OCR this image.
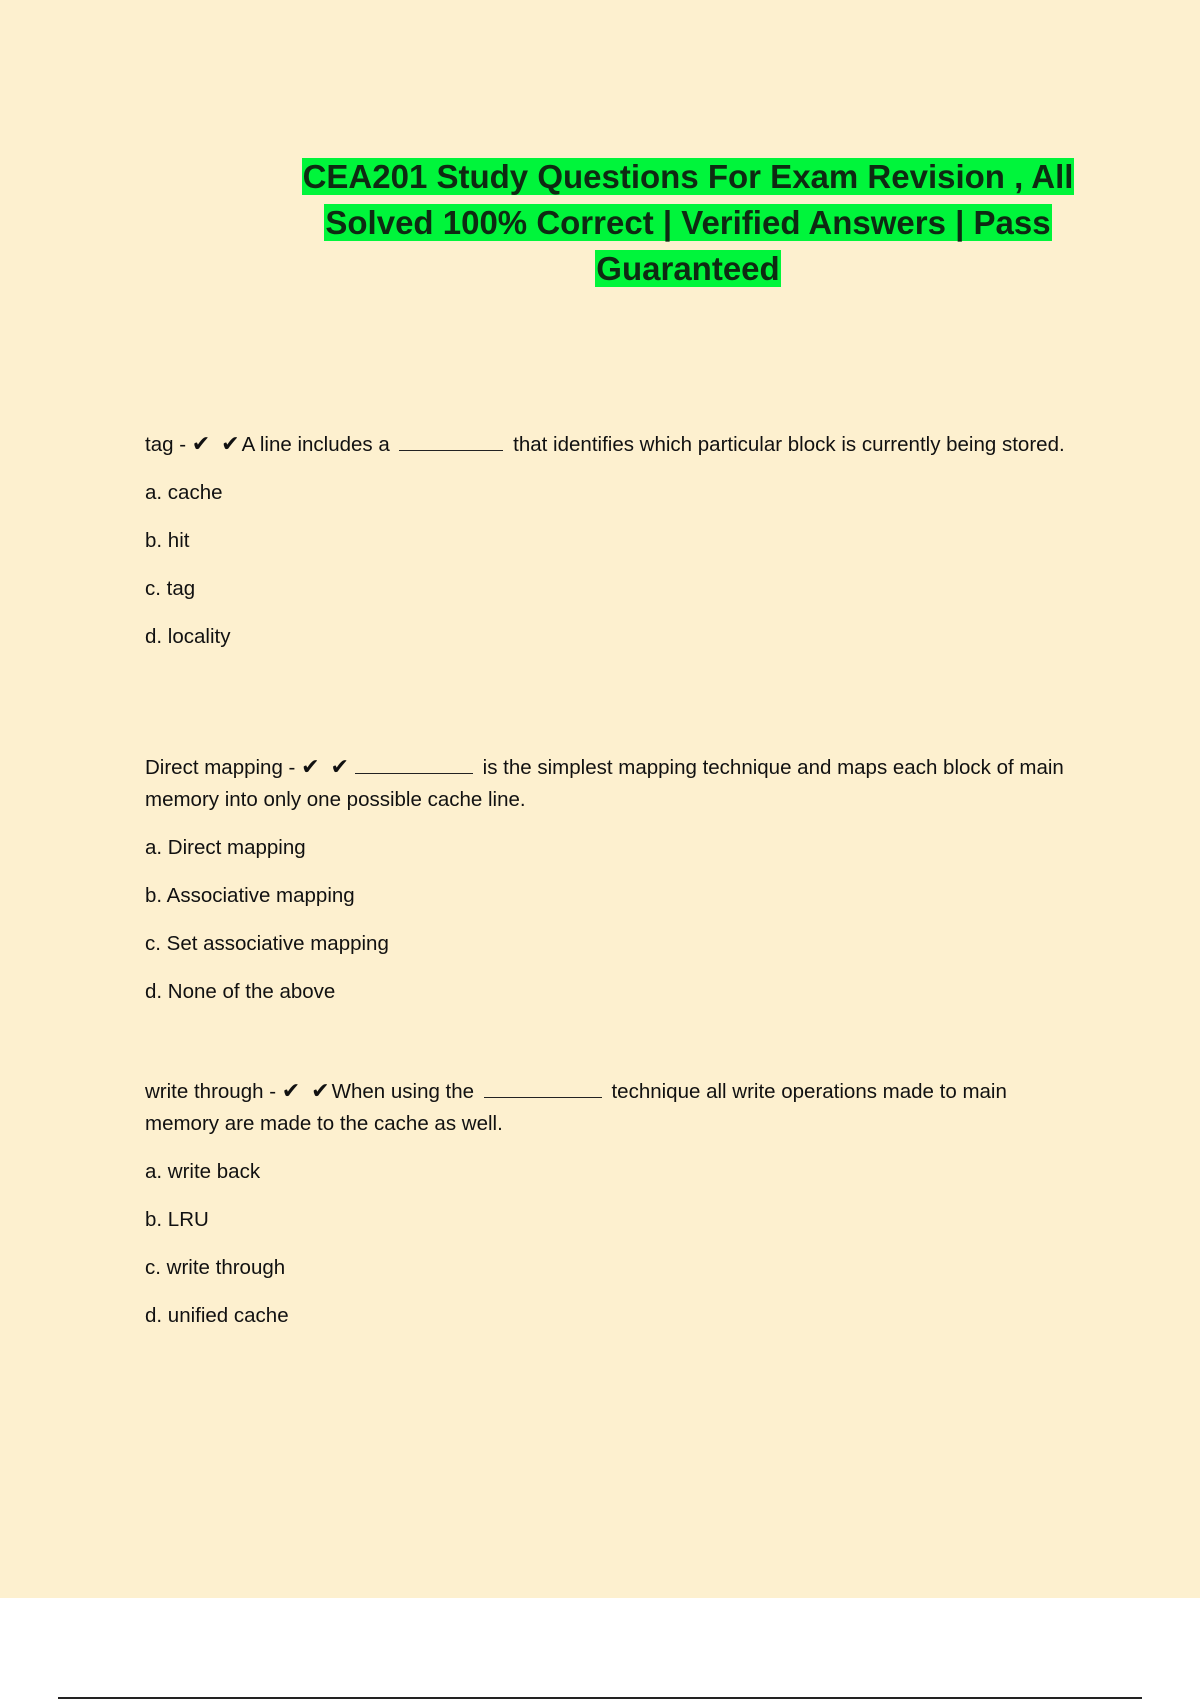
CEA201 Study Questions For Exam Revision , All
Solved 100% Correct | Verified Answers | Pass
Guaranteed

tag - ✔ ✔A line includes a	that identifies which particular block is currently being stored.

a. cache
b. hit
c. tag
d. locality

Direct mapping - ✔ ✔	is the simplest mapping technique and maps each block of main memory into only one possible cache line.

a. Direct mapping
b. Associative mapping
c. Set associative mapping
d. None of the above

write through - ✔ ✔When using the	technique all write operations made to main memory are made to the cache as well.

a. write back
b. LRU
c. write through
d. unified cache
